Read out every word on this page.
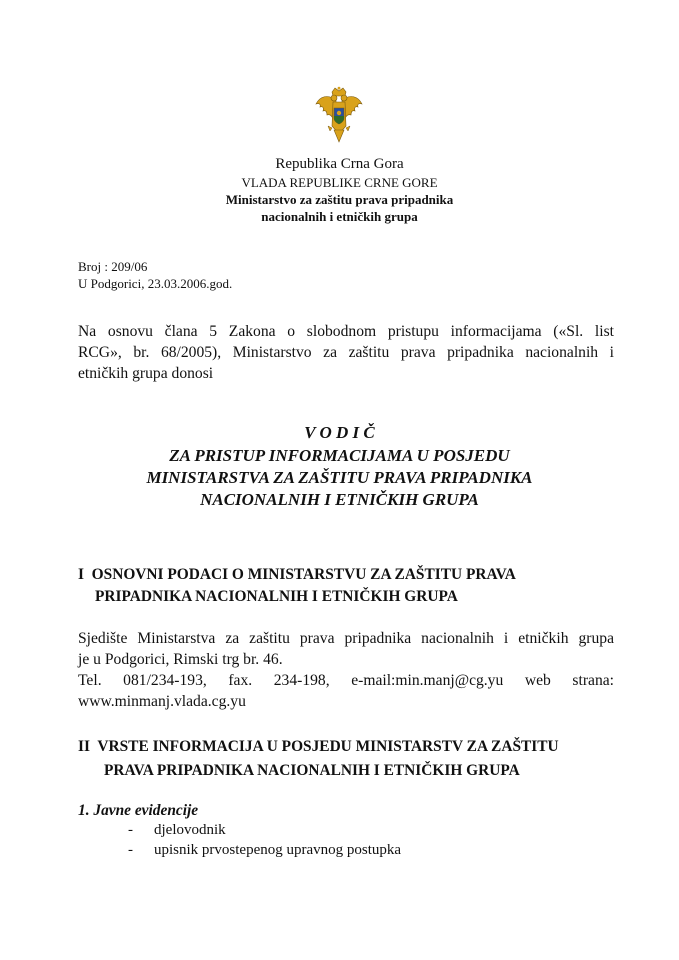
Republika Crna Gora
VLADA REPUBLIKE CRNE GORE
Ministarstvo za zaštitu prava pripadnika
nacionalnih i etničkih grupa
Broj : 209/06
U Podgorici, 23.03.2006.god.
Na osnovu člana 5 Zakona o slobodnom pristupu informacijama («Sl. list
RCG», br. 68/2005), Ministarstvo za zaštitu prava pripadnika nacionalnih i
etničkih grupa donosi
V O D I Č
ZA PRISTUP INFORMACIJAMA U POSJEDU
MINISTARSTVA ZA ZAŠTITU PRAVA PRIPADNIKA
NACIONALNIH I ETNIČKIH GRUPA
I  OSNOVNI PODACI O MINISTARSTVU ZA ZAŠTITU PRAVA
PRIPADNIKA NACIONALNIH I ETNIČKIH GRUPA
Sjedište Ministarstva za zaštitu prava pripadnika nacionalnih i etničkih grupa
je u Podgorici, Rimski trg br. 46.
Tel. 081/234-193, fax. 234-198, e-mail:min.manj@cg.yu web strana:
www.minmanj.vlada.cg.yu
II  VRSTE INFORMACIJA U POSJEDU MINISTARSTV ZA ZAŠTITU
PRAVA PRIPADNIKA NACIONALNIH I ETNIČKIH GRUPA
1. Javne evidencije
- djelovodnik
- upisnik prvostepenog upravnog postupka
